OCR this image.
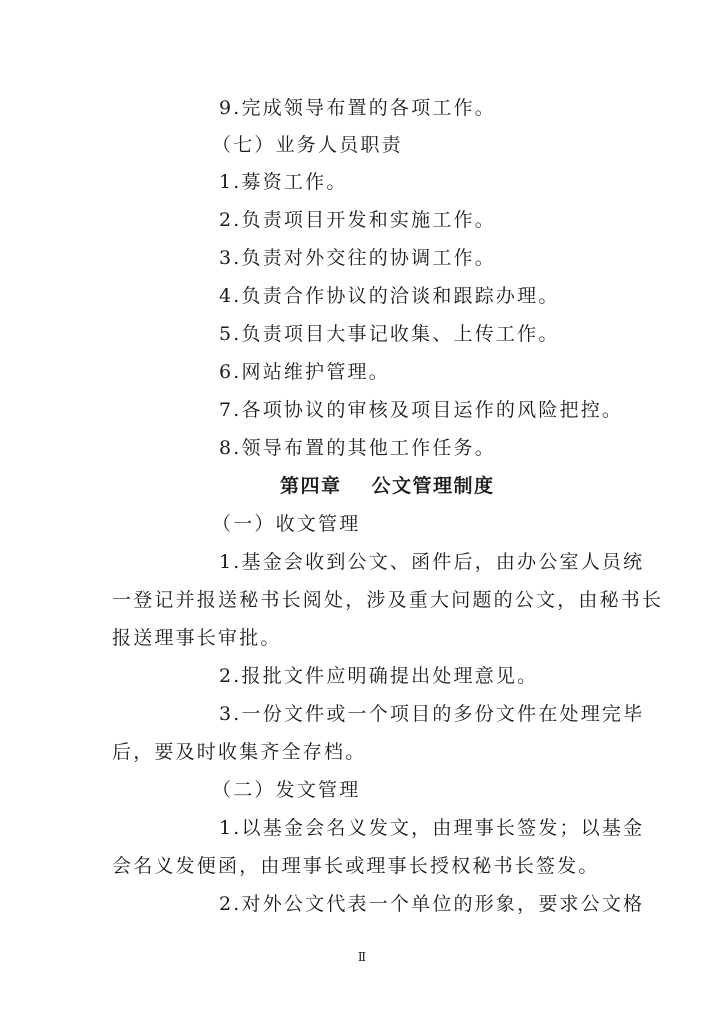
9.完成领导布置的各项工作。
（七）业务人员职责
1.募资工作。
2.负责项目开发和实施工作。
3.负责对外交往的协调工作。
4.负责合作协议的洽谈和跟踪办理。
5.负责项目大事记收集、上传工作。
6.网站维护管理。
7.各项协议的审核及项目运作的风险把控。
8.领导布置的其他工作任务。
第四章 公文管理制度
（一）收文管理
1.基金会收到公文、函件后，由办公室人员统
一登记并报送秘书长阅处，涉及重大问题的公文，由秘书长
报送理事长审批。
2.报批文件应明确提出处理意见。
3.一份文件或一个项目的多份文件在处理完毕
后，要及时收集齐全存档。
（二）发文管理
1.以基金会名义发文，由理事长签发；以基金
会名义发便函，由理事长或理事长授权秘书长签发。
2.对外公文代表一个单位的形象，要求公文格
Ⅱ
